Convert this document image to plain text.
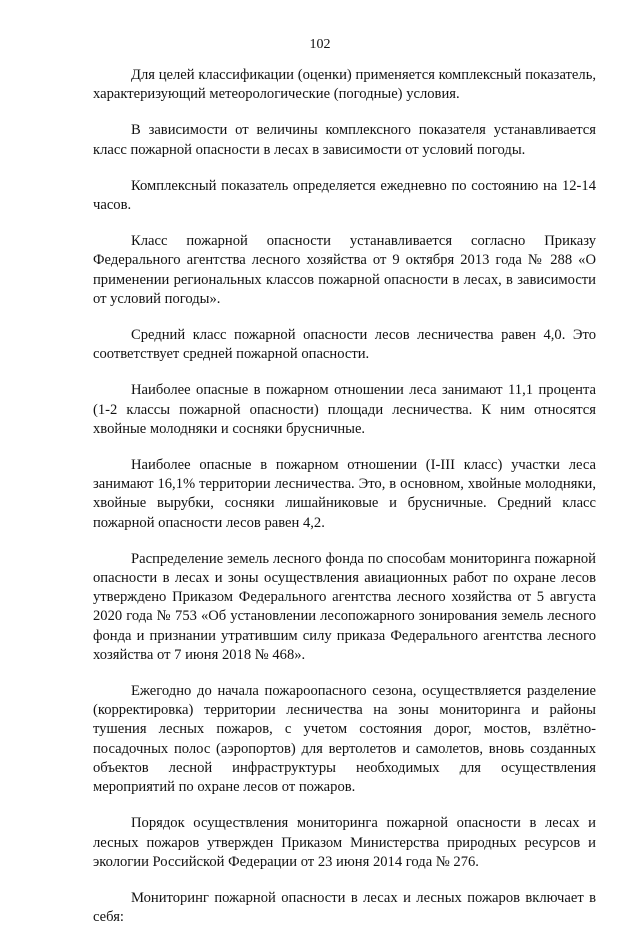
102

Для целей классификации (оценки) применяется комплексный показатель, характеризующий метеорологические (погодные) условия.

В зависимости от величины комплексного показателя устанавливается класс пожарной опасности в лесах в зависимости от условий погоды.

Комплексный показатель определяется ежедневно по состоянию на 12-14 часов.

Класс пожарной опасности устанавливается согласно Приказу Федерального агентства лесного хозяйства от 9 октября 2013 года № 288 «О применении региональных классов пожарной опасности в лесах, в зависимости от условий погоды».

Средний класс пожарной опасности лесов лесничества равен 4,0. Это соответствует средней пожарной опасности.

Наиболее опасные в пожарном отношении леса занимают 11,1 процента (1-2 классы пожарной опасности) площади лесничества. К ним относятся хвойные молодняки и сосняки брусничные.

Наиболее опасные в пожарном отношении (I-III класс) участки леса занимают 16,1% территории лесничества. Это, в основном, хвойные молодняки, хвойные вырубки, сосняки лишайниковые и брусничные. Средний класс пожарной опасности лесов равен 4,2.

Распределение земель лесного фонда по способам мониторинга пожарной опасности в лесах и зоны осуществления авиационных работ по охране лесов утверждено Приказом Федерального агентства лесного хозяйства от 5 августа 2020 года № 753 «Об установлении лесопожарного зонирования земель лесного фонда и признании утратившим силу приказа Федерального агентства лесного хозяйства от 7 июня 2018 № 468».

Ежегодно до начала пожароопасного сезона, осуществляется разделение (корректировка) территории лесничества на зоны мониторинга и районы тушения лесных пожаров, с учетом состояния дорог, мостов, взлётно-посадочных полос (аэропортов) для вертолетов и самолетов, вновь созданных объектов лесной инфраструктуры необходимых для осуществления мероприятий по охране лесов от пожаров.

Порядок осуществления мониторинга пожарной опасности в лесах и лесных пожаров утвержден Приказом Министерства природных ресурсов и экологии Российской Федерации от 23 июня 2014 года № 276.

Мониторинг пожарной опасности в лесах и лесных пожаров включает в себя:
